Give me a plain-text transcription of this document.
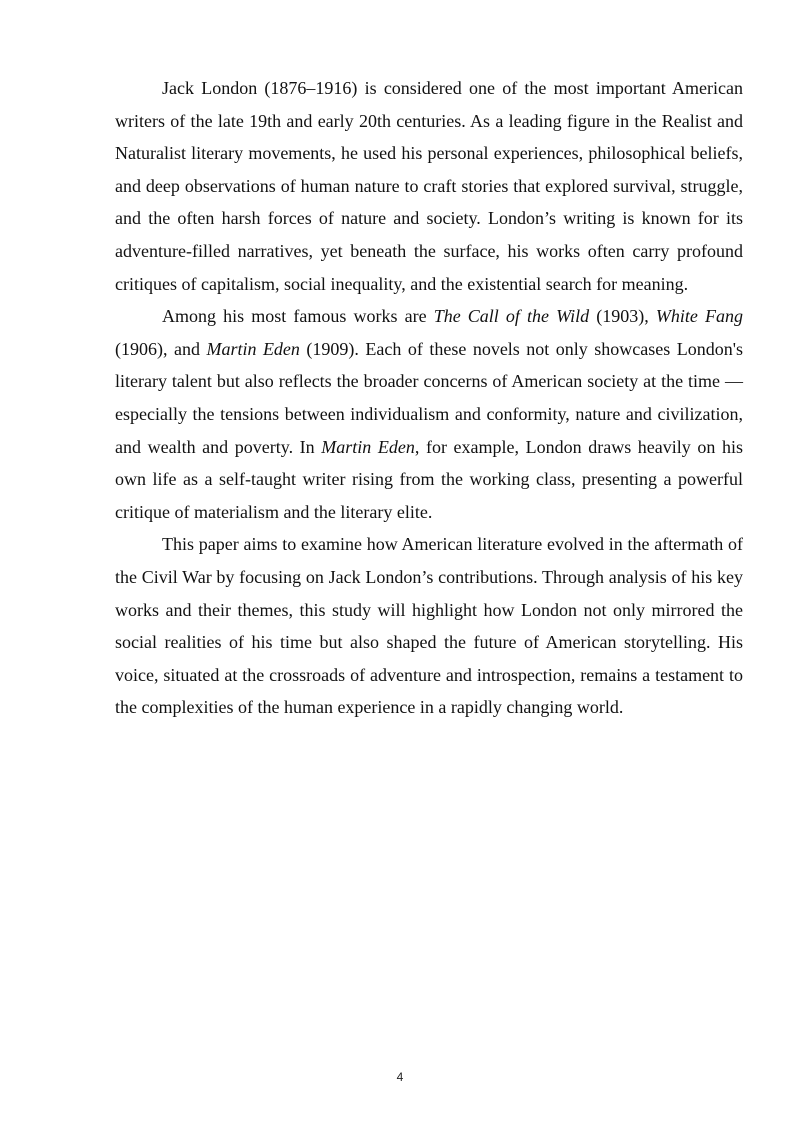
Jack London (1876–1916) is considered one of the most important American writers of the late 19th and early 20th centuries. As a leading figure in the Realist and Naturalist literary movements, he used his personal experiences, philosophical beliefs, and deep observations of human nature to craft stories that explored survival, struggle, and the often harsh forces of nature and society. London’s writing is known for its adventure-filled narratives, yet beneath the surface, his works often carry profound critiques of capitalism, social inequality, and the existential search for meaning.

Among his most famous works are The Call of the Wild (1903), White Fang (1906), and Martin Eden (1909). Each of these novels not only showcases London's literary talent but also reflects the broader concerns of American society at the time —especially the tensions between individualism and conformity, nature and civilization, and wealth and poverty. In Martin Eden, for example, London draws heavily on his own life as a self-taught writer rising from the working class, presenting a powerful critique of materialism and the literary elite.

This paper aims to examine how American literature evolved in the aftermath of the Civil War by focusing on Jack London’s contributions. Through analysis of his key works and their themes, this study will highlight how London not only mirrored the social realities of his time but also shaped the future of American storytelling. His voice, situated at the crossroads of adventure and introspection, remains a testament to the complexities of the human experience in a rapidly changing world.

4
